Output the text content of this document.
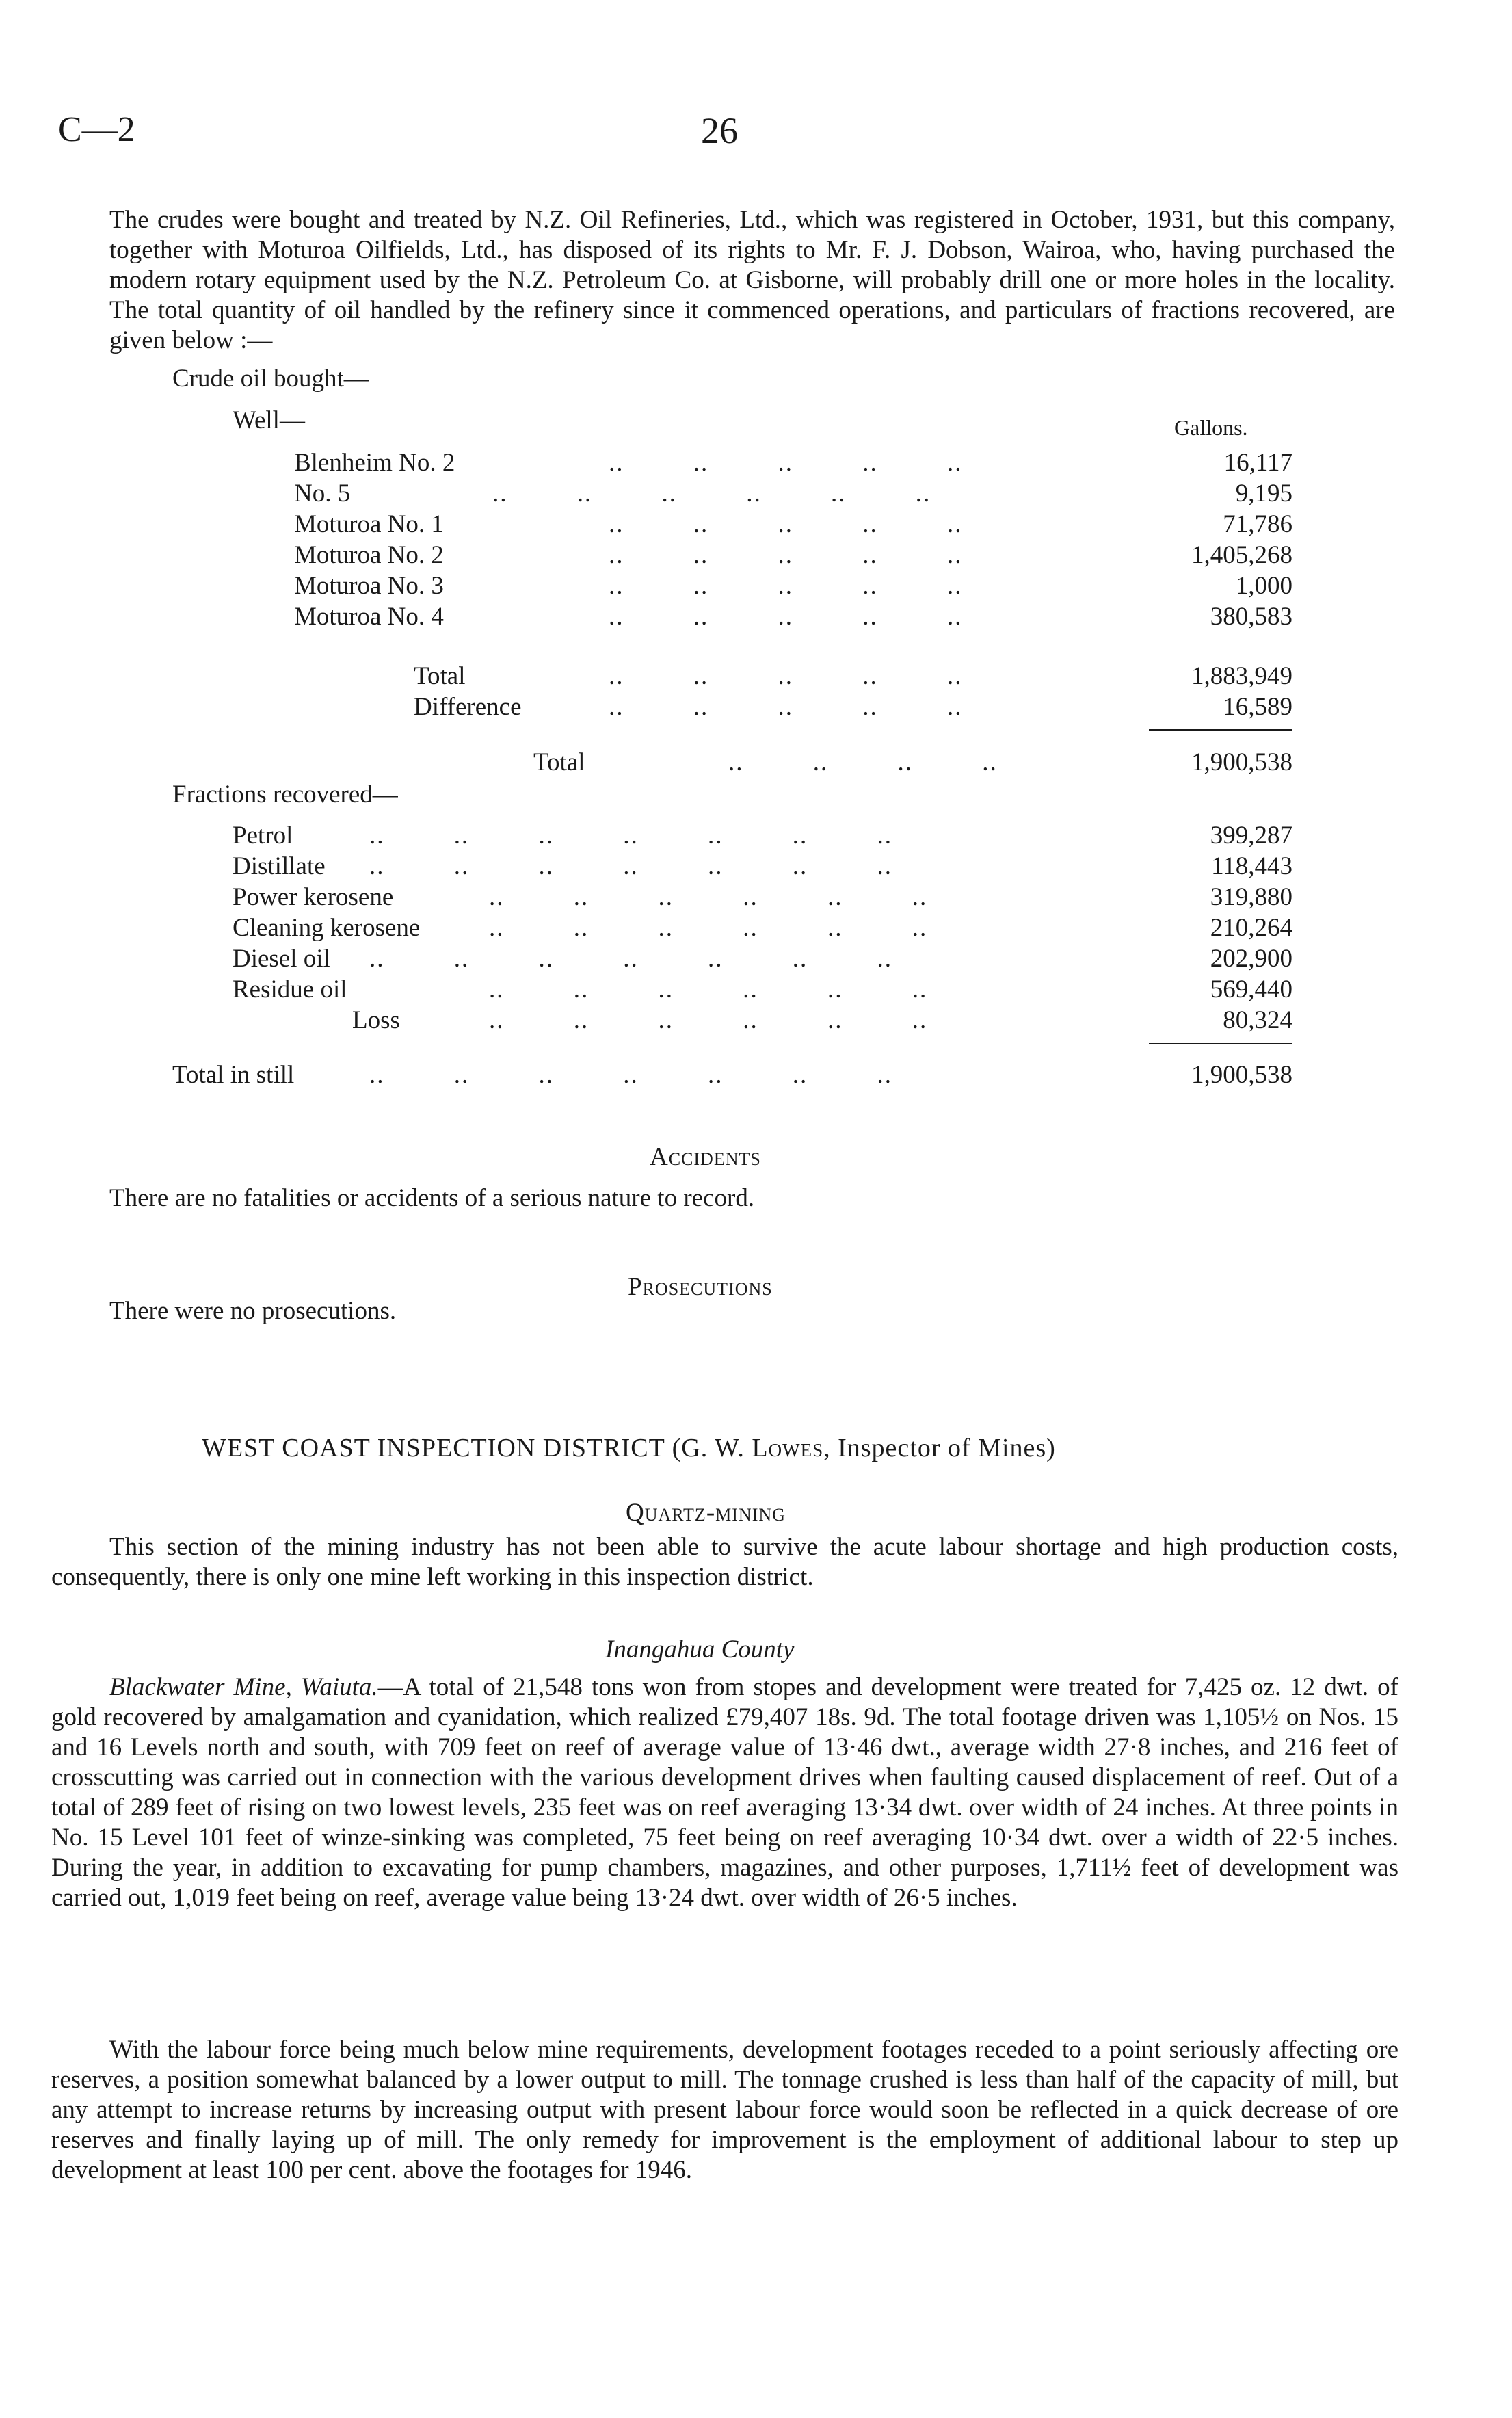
C—2	26
The crudes were bought and treated by N.Z. Oil Refineries, Ltd., which was registered in October, 1931, but this company, together with Moturoa Oilfields, Ltd., has disposed of its rights to Mr. F. J. Dobson, Wairoa, who, having purchased the modern rotary equipment used by the N.Z. Petroleum Co. at Gisborne, will probably drill one or more holes in the locality. The total quantity of oil handled by the refinery since it commenced operations, and particulars of fractions recovered, are given below :—
Crude oil bought—
Well—	Gallons.
Blenheim No. 2	..         ..         ..         ..         ..	16,117
No. 5	..         ..         ..         ..         ..         ..	9,195
Moturoa No. 1	..         ..         ..         ..         ..	71,786
Moturoa No. 2	..         ..         ..         ..         ..	1,405,268
Moturoa No. 3	..         ..         ..         ..         ..	1,000
Moturoa No. 4	..         ..         ..         ..         ..	380,583
Total	..         ..         ..         ..         ..	1,883,949
Difference	..         ..         ..         ..         ..	16,589
Total	..         ..         ..         ..	1,900,538
Fractions recovered—
Petrol	..         ..         ..         ..         ..         ..         ..	399,287
Distillate ..         ..         ..         ..         ..         ..         ..	118,443
Power kerosene	..         ..         ..         ..         ..         ..	319,880
Cleaning kerosene	..         ..         ..         ..         ..         ..	210,264
Diesel oil ..         ..         ..         ..         ..         ..         ..	202,900
Residue oil	..         ..         ..         ..         ..         ..	569,440
Loss	..         ..         ..         ..         ..         ..	80,324
Total in still	..         ..         ..         ..         ..         ..         ..	1,900,538
Accidents
There are no fatalities or accidents of a serious nature to record.
Prosecutions
There were no prosecutions.
WEST COAST INSPECTION DISTRICT (G. W. Lowes, Inspector of Mines)
Quartz-mining
This section of the mining industry has not been able to survive the acute labour shortage and high production costs, consequently, there is only one mine left working in this inspection district.
Inangahua County
Blackwater Mine, Waiuta.—A total of 21,548 tons won from stopes and development were treated for 7,425 oz. 12 dwt. of gold recovered by amalgamation and cyanidation, which realized £79,407 18s. 9d. The total footage driven was 1,105½ on Nos. 15 and 16 Levels north and south, with 709 feet on reef of average value of 13·46 dwt., average width 27·8 inches, and 216 feet of crosscutting was carried out in connection with the various development drives when faulting caused displacement of reef. Out of a total of 289 feet of rising on two lowest levels, 235 feet was on reef averaging 13·34 dwt. over width of 24 inches. At three points in No. 15 Level 101 feet of winze-sinking was completed, 75 feet being on reef averaging 10·34 dwt. over a width of 22·5 inches. During the year, in addition to excavating for pump chambers, magazines, and other purposes, 1,711½ feet of development was carried out, 1,019 feet being on reef, average value being 13·24 dwt. over width of 26·5 inches.
With the labour force being much below mine requirements, development footages receded to a point seriously affecting ore reserves, a position somewhat balanced by a lower output to mill. The tonnage crushed is less than half of the capacity of mill, but any attempt to increase returns by increasing output with present labour force would soon be reflected in a quick decrease of ore reserves and finally laying up of mill. The only remedy for improvement is the employment of additional labour to step up development at least 100 per cent. above the footages for 1946.
